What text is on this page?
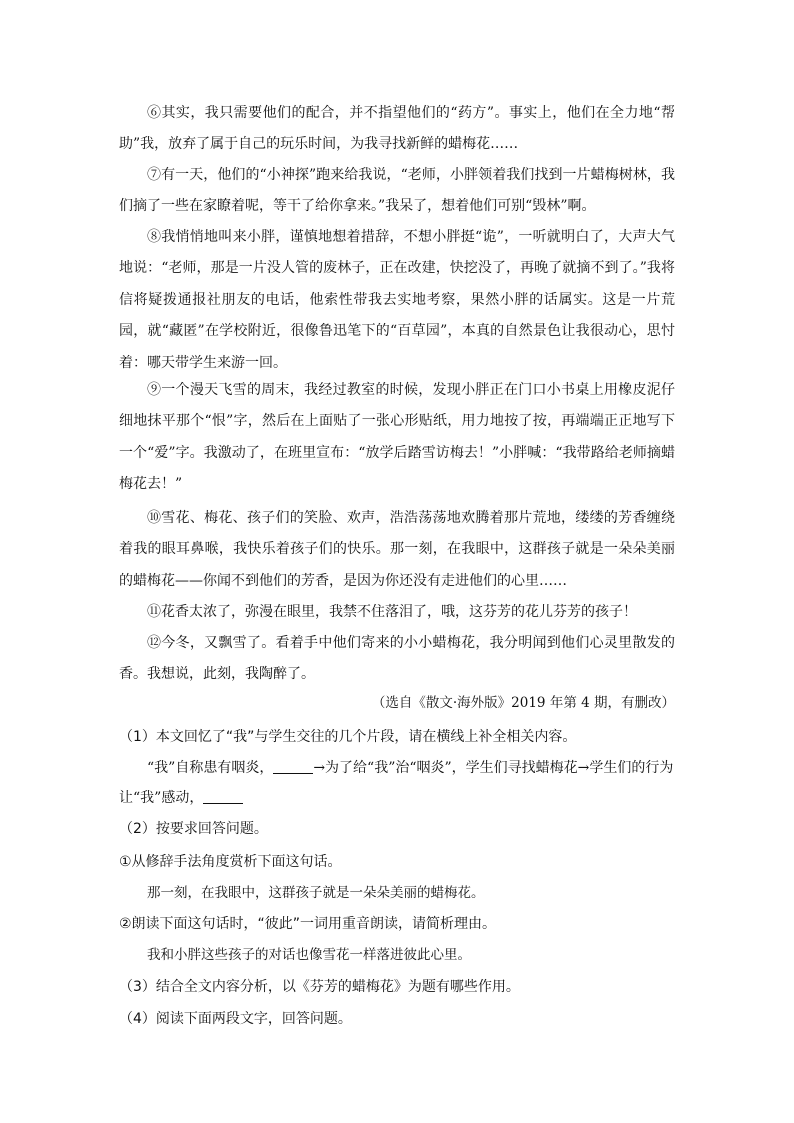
⑥其实，我只需要他们的配合，并不指望他们的“药方”。事实上，他们在全力地“帮助”我，放弃了属于自己的玩乐时间，为我寻找新鲜的蜡梅花……

⑦有一天，他们的“小神探”跑来给我说，“老师，小胖领着我们找到一片蜡梅树林，我们摘了一些在家瞭着呢，等干了给你拿来。”我呆了，想着他们可别“毁林”啊。

⑧我悄悄地叫来小胖，谨慎地想着措辞，不想小胖挺“诡”，一听就明白了，大声大气地说：“老师，那是一片没人管的废林子，正在改建，快挖没了，再晚了就摘不到了。”我将信将疑拨通报社朋友的电话，他索性带我去实地考察，果然小胖的话属实。这是一片荒园，就“藏匿”在学校附近，很像鲁迅笔下的“百草园”，本真的自然景色让我很动心，思忖着：哪天带学生来游一回。

⑨一个漫天飞雪的周末，我经过教室的时候，发现小胖正在门口小书桌上用橡皮泥仔细地抹平那个“恨”字，然后在上面贴了一张心形贴纸，用力地按了按，再端端正正地写下一个“爱”字。我激动了，在班里宣布：“放学后踏雪访梅去！”小胖喊：“我带路给老师摘蜡梅花去！”

⑩雪花、梅花、孩子们的笑脸、欢声，浩浩荡荡地欢腾着那片荒地，缕缕的芳香缠绕着我的眼耳鼻喉，我快乐着孩子们的快乐。那一刻，在我眼中，这群孩子就是一朵朵美丽的蜡梅花——你闻不到他们的芳香，是因为你还没有走进他们的心里……

⑪花香太浓了，弥漫在眼里，我禁不住落泪了，哦，这芬芳的花儿芬芳的孩子！

⑫今冬，又飘雪了。看着手中他们寄来的小小蜡梅花，我分明闻到他们心灵里散发的香。我想说，此刻，我陶醉了。

（选自《散文·海外版》2019 年第 4 期，有删改）

（1）本文回忆了“我”与学生交往的几个片段，请在横线上补全相关内容。

“我”自称患有咽炎，	→为了给“我”治“咽炎”，学生们寻找蜡梅花→学生们的行为让“我”感动，

（2）按要求回答问题。

①从修辞手法角度赏析下面这句话。

那一刻，在我眼中，这群孩子就是一朵朵美丽的蜡梅花。

②朗读下面这句话时，“彼此”一词用重音朗读，请简析理由。

我和小胖这些孩子的对话也像雪花一样落进彼此心里。

（3）结合全文内容分析，以《芬芳的蜡梅花》为题有哪些作用。

（4）阅读下面两段文字，回答问题。
